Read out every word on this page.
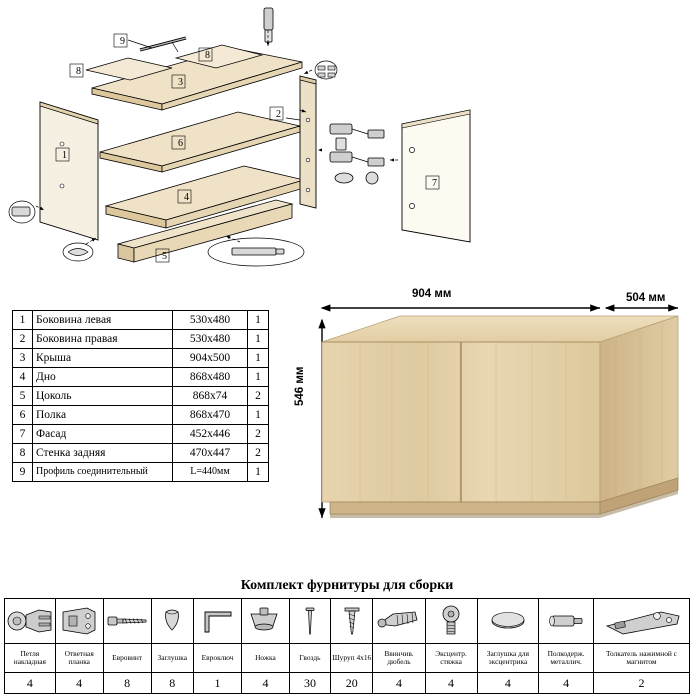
9
8
8
3
2
1
6
4
5
7
1	Боковина левая	530х480	1
2	Боковина правая	530х480	1
3	Крыша	904х500	1
4	Дно	868х480	1
5	Цоколь	868х74	2
6	Полка	868х470	1
7	Фасад	452х446	2
8	Стенка задняя	470х447	2
9	Профиль соединительный	L=440мм	1
904 мм	504 мм
546 мм
Комплект фурнитуры для сборки

Петля накладная	Ответная планка	Евровинт	Заглушка	Евроключ	Ножка	Гвоздь	Шуруп 4х16	Ввинчив. дюбель	Эксцентр. стяжка	Заглушка для эксцентрика	Полкодерж. металлич.	Толкатель нажимной с магнитом
4	4	8	8	1	4	30	20	4	4	4	4	2
